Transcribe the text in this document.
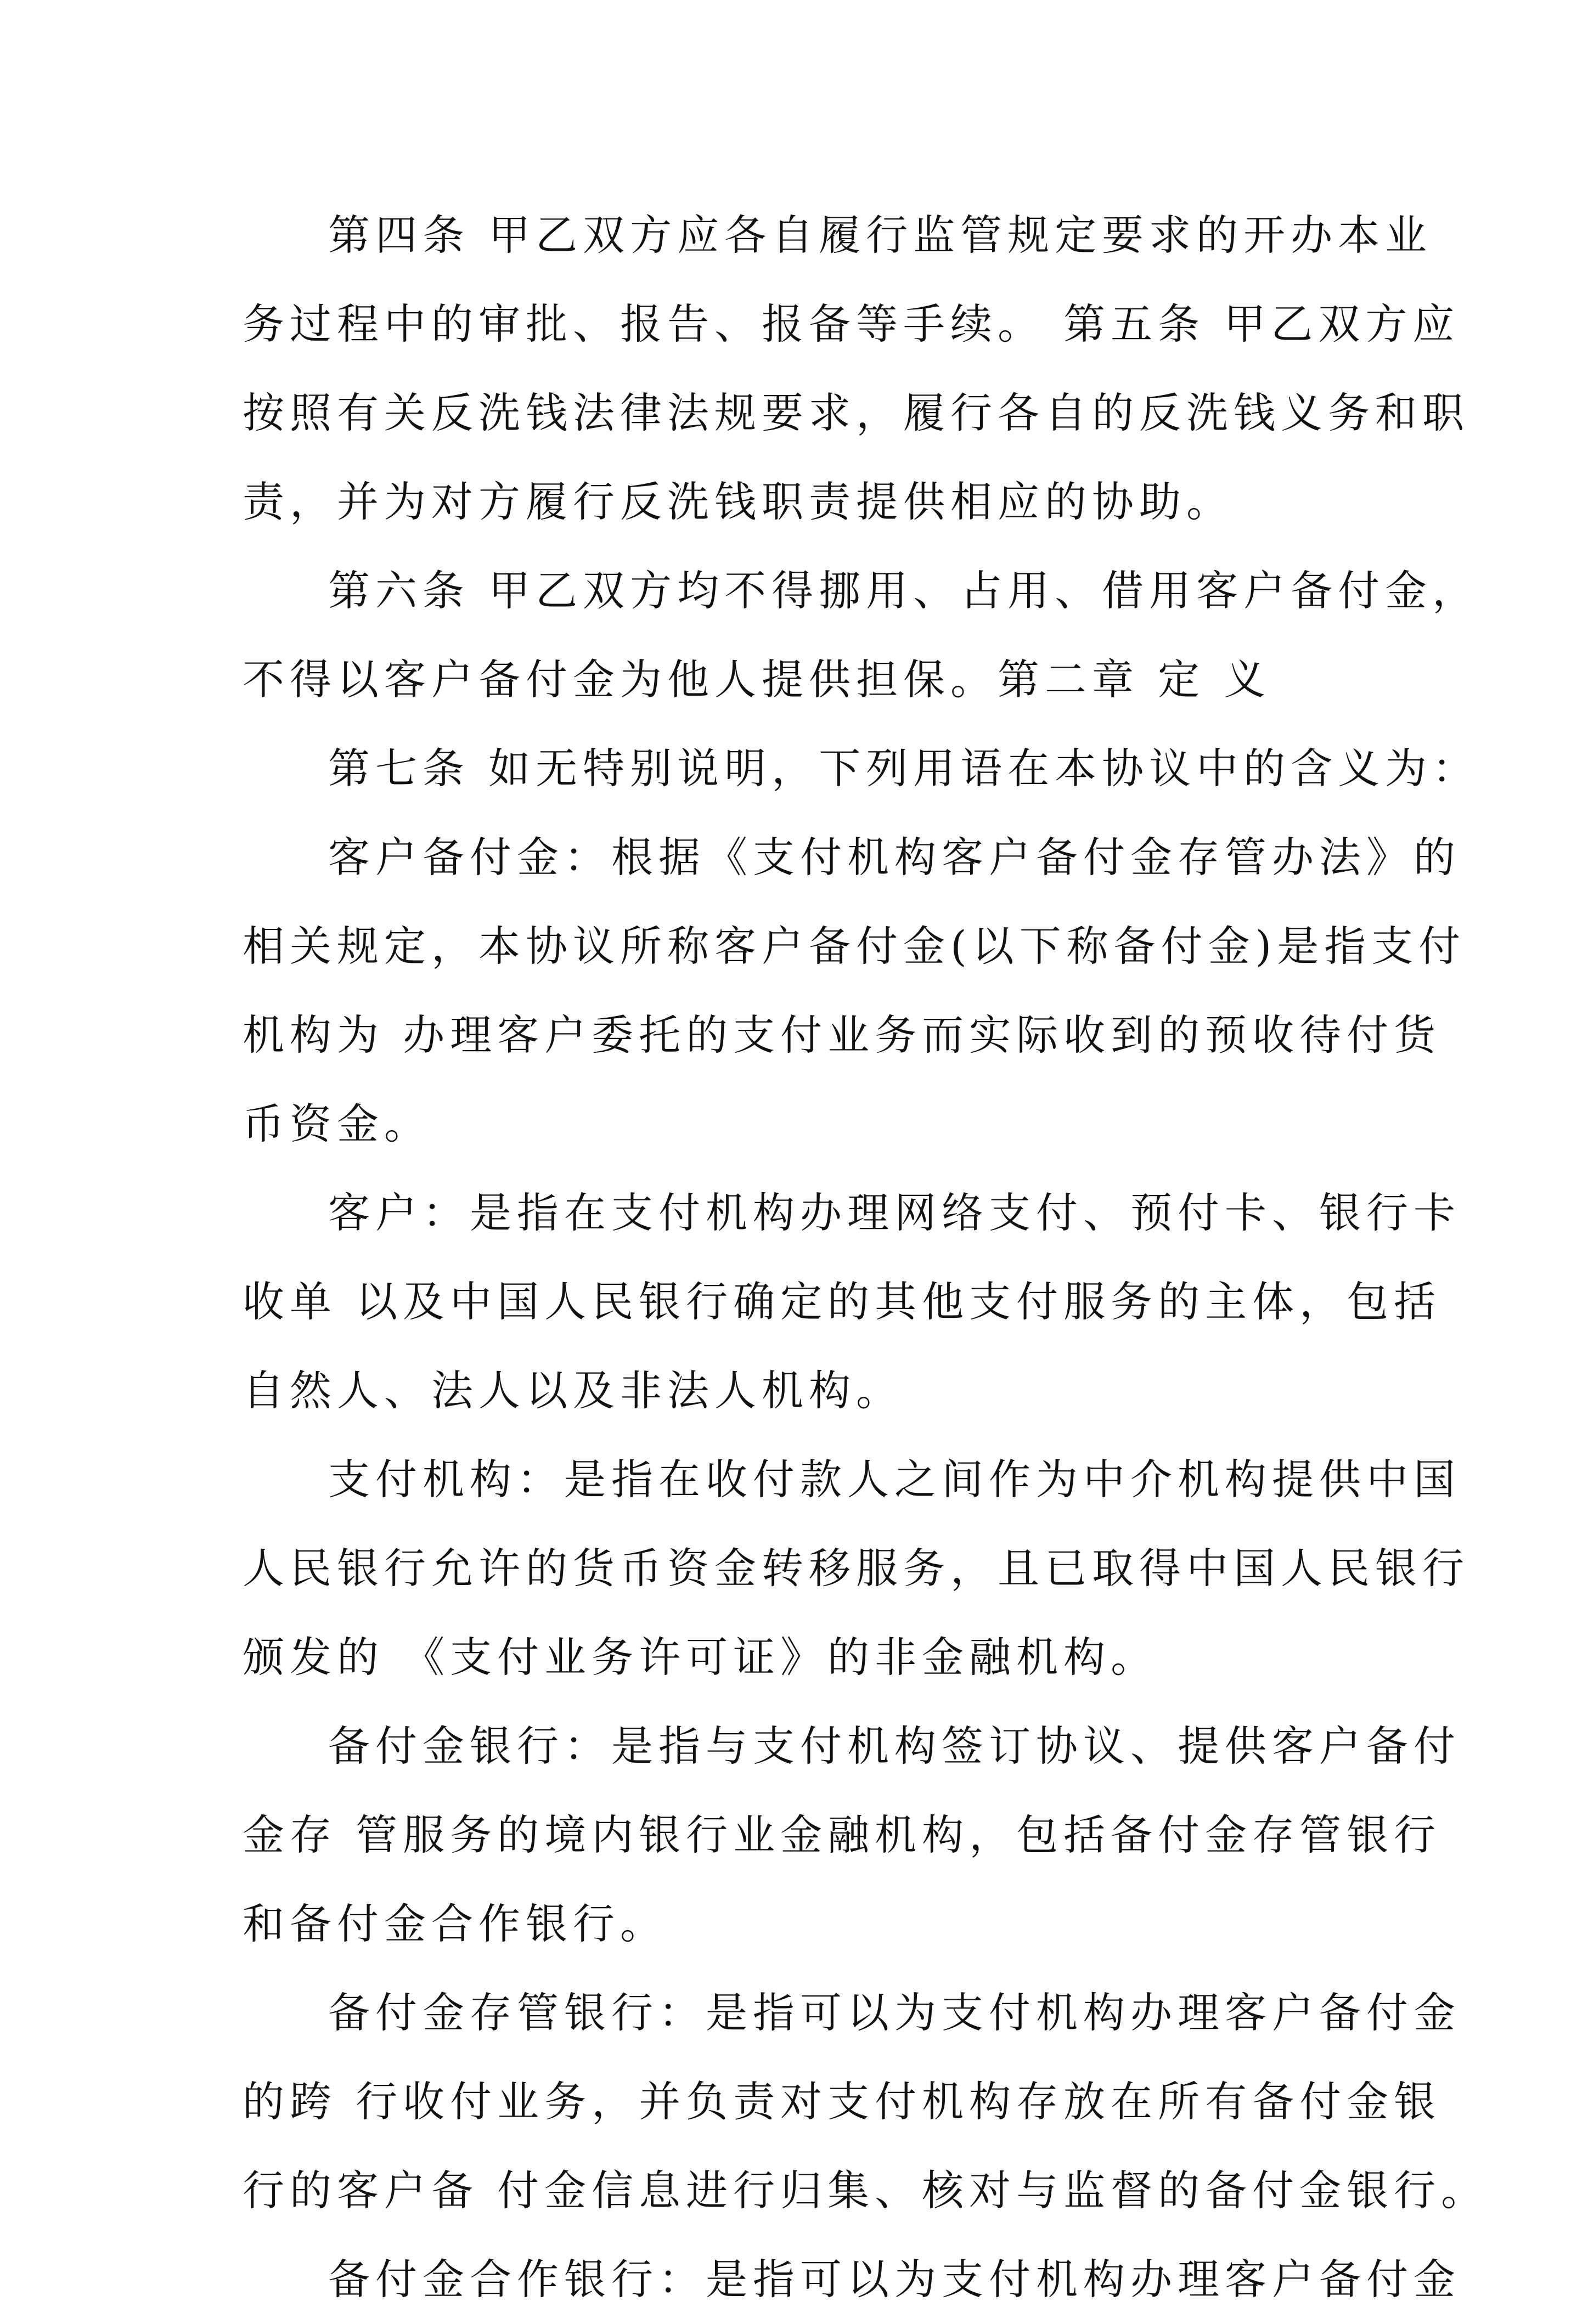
第四条 甲乙双方应各自履行监管规定要求的开办本业
务过程中的审批、报告、报备等手续。 第五条 甲乙双方应
按照有关反洗钱法律法规要求，履行各自的反洗钱义务和职
责，并为对方履行反洗钱职责提供相应的协助。
第六条 甲乙双方均不得挪用、占用、借用客户备付金，
不得以客户备付金为他人提供担保。第二章 定 义
第七条 如无特别说明，下列用语在本协议中的含义为：
客户备付金：根据《支付机构客户备付金存管办法》的
相关规定，本协议所称客户备付金(以下称备付金)是指支付
机构为 办理客户委托的支付业务而实际收到的预收待付货
币资金。
客户：是指在支付机构办理网络支付、预付卡、银行卡
收单 以及中国人民银行确定的其他支付服务的主体，包括
自然人、法人以及非法人机构。
支付机构：是指在收付款人之间作为中介机构提供中国
人民银行允许的货币资金转移服务，且已取得中国人民银行
颁发的 《支付业务许可证》的非金融机构。
备付金银行：是指与支付机构签订协议、提供客户备付
金存 管服务的境内银行业金融机构，包括备付金存管银行
和备付金合作银行。
备付金存管银行：是指可以为支付机构办理客户备付金
的跨 行收付业务，并负责对支付机构存放在所有备付金银
行的客户备 付金信息进行归集、核对与监督的备付金银行。
备付金合作银行：是指可以为支付机构办理客户备付金
